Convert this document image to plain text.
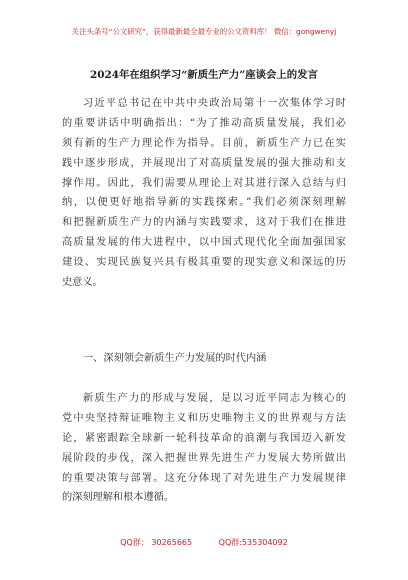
关注头条号“公文研究”，获得最新最全最专业的公文资料库！ 微信：gongwenyj
2024年在组织学习“新质生产力”座谈会上的发言
习近平总书记在中共中央政治局第十一次集体学习时
的重要讲话中明确指出：“为了推动高质量发展，我们必
须有新的生产力理论作为指导。目前，新质生产力已在实
践中逐步形成，并展现出了对高质量发展的强大推动和支
撑作用。因此，我们需要从理论上对其进行深入总结与归
纳，以便更好地指导新的实践探索。”我们必须深刻理解
和把握新质生产力的内涵与实践要求，这对于我们在推进
高质量发展的伟大进程中，以中国式现代化全面加强国家
建设、实现民族复兴具有极其重要的现实意义和深远的历
史意义。
一、深刻领会新质生产力发展的时代内涵
新质生产力的形成与发展，是以习近平同志为核心的
党中央坚持辩证唯物主义和历史唯物主义的世界观与方法
论，紧密跟踪全球新一轮科技革命的浪潮与我国迈入新发
展阶段的步伐，深入把握世界先进生产力发展大势所做出
的重要决策与部署。这充分体现了对先进生产力发展规律
的深刻理解和根本遵循。
QQ群： 30265665	QQ群:535304092
